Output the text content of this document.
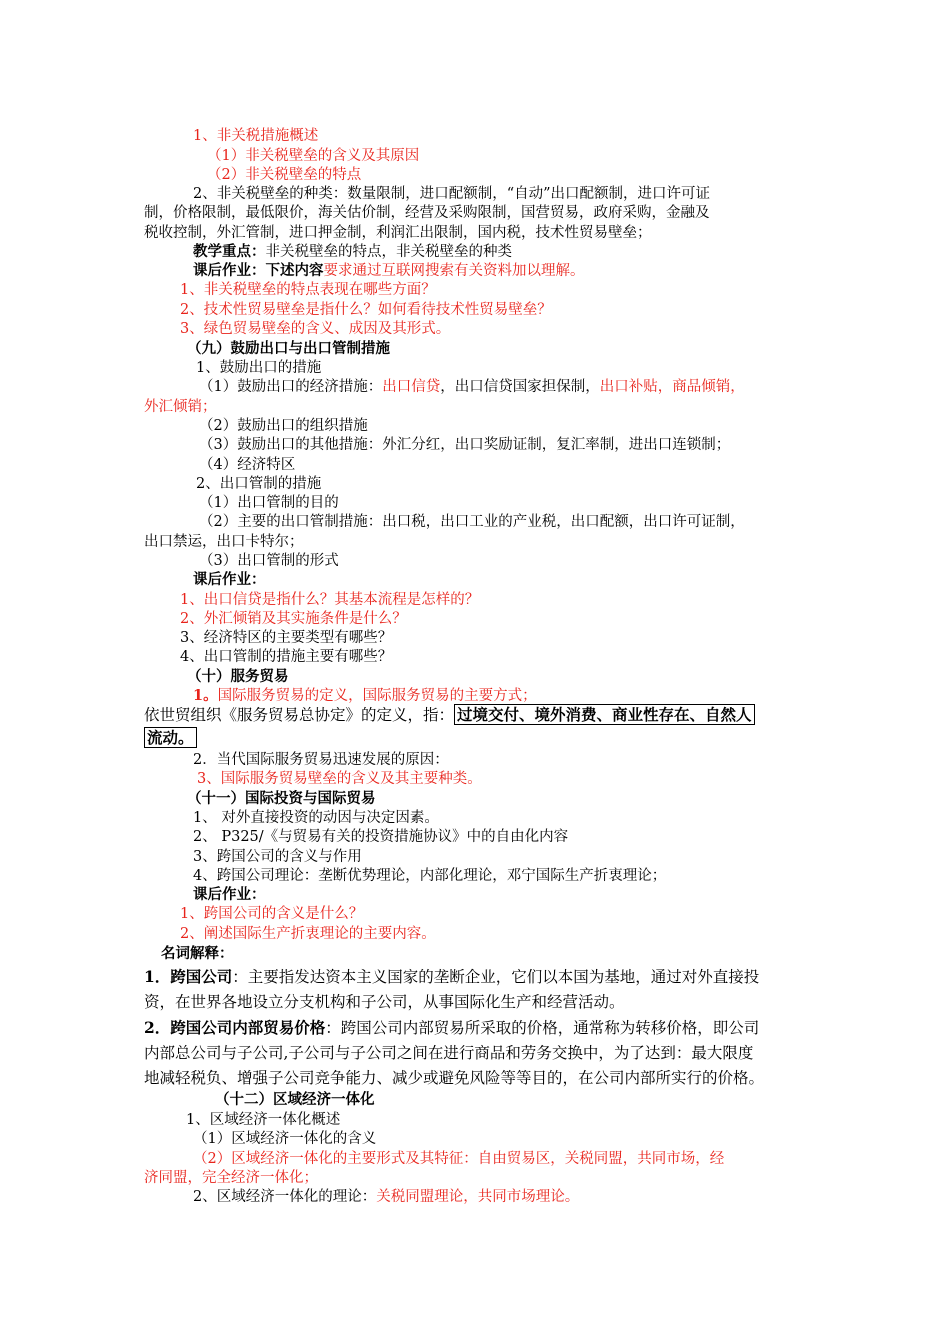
1、非关税措施概述
（1）非关税壁垒的含义及其原因
（2）非关税壁垒的特点
2、非关税壁垒的种类：数量限制，进口配额制，“自动”出口配额制，进口许可证
制，价格限制，最低限价，海关估价制，经营及采购限制，国营贸易，政府采购，金融及
税收控制，外汇管制，进口押金制，利润汇出限制，国内税，技术性贸易壁垒；
教学重点：非关税壁垒的特点，非关税壁垒的种类
课后作业：下述内容要求通过互联网搜索有关资料加以理解。
1、非关税壁垒的特点表现在哪些方面？
2、技术性贸易壁垒是指什么？如何看待技术性贸易壁垒？
3、绿色贸易壁垒的含义、成因及其形式。
（九）鼓励出口与出口管制措施
1、鼓励出口的措施
（1）鼓励出口的经济措施：出口信贷，出口信贷国家担保制，出口补贴，商品倾销，
外汇倾销；
（2）鼓励出口的组织措施
（3）鼓励出口的其他措施：外汇分红，出口奖励证制，复汇率制，进出口连锁制；
（4）经济特区
2、出口管制的措施
（1）出口管制的目的
（2）主要的出口管制措施：出口税，出口工业的产业税，出口配额，出口许可证制，
出口禁运，出口卡特尔；
（3）出口管制的形式
课后作业：
1、出口信贷是指什么？其基本流程是怎样的？
2、外汇倾销及其实施条件是什么？
3、经济特区的主要类型有哪些？
4、出口管制的措施主要有哪些？
（十）服务贸易
1。国际服务贸易的定义，国际服务贸易的主要方式；
依世贸组织《服务贸易总协定》的定义，指： 过境交付、境外消费、商业性存在、自然人
流动。
2．当代国际服务贸易迅速发展的原因：
3、国际服务贸易壁垒的含义及其主要种类。
（十一）国际投资与国际贸易
1、 对外直接投资的动因与决定因素。
2、 P325/《与贸易有关的投资措施协议》中的自由化内容
3、跨国公司的含义与作用
4、跨国公司理论：垄断优势理论，内部化理论，邓宁国际生产折衷理论；
课后作业：
1、跨国公司的含义是什么？
2、阐述国际生产折衷理论的主要内容。
名词解释：
1．跨国公司：主要指发达资本主义国家的垄断企业，它们以本国为基地，通过对外直接投
资，在世界各地设立分支机构和子公司，从事国际化生产和经营活动。
2．跨国公司内部贸易价格：跨国公司内部贸易所采取的价格，通常称为转移价格，即公司
内部总公司与子公司,子公司与子公司之间在进行商品和劳务交换中，为了达到：最大限度
地减轻税负、增强子公司竞争能力、减少或避免风险等等目的，在公司内部所实行的价格。
（十二）区域经济一体化
1、区域经济一体化概述
（1）区域经济一体化的含义
（2）区域经济一体化的主要形式及其特征：自由贸易区，关税同盟，共同市场，经
济同盟，完全经济一体化；
2、区域经济一体化的理论：关税同盟理论，共同市场理论。
